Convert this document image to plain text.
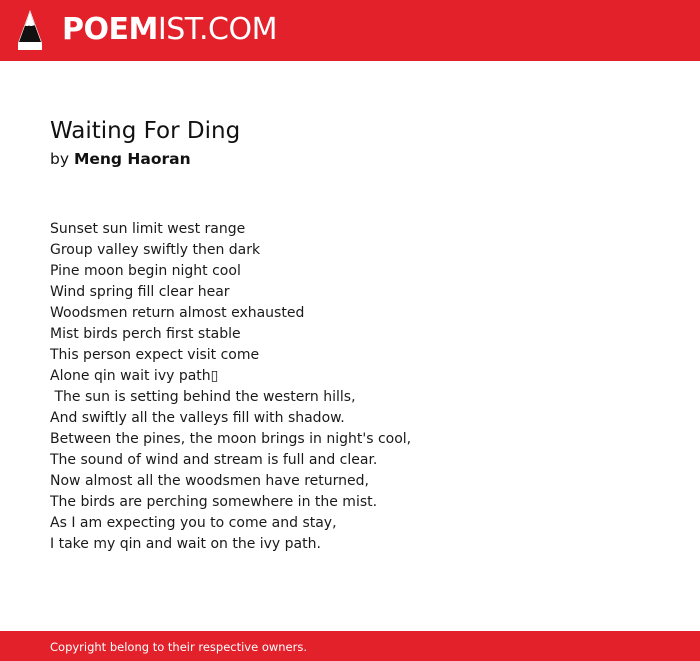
POEMIST.COM
Waiting For Ding
by Meng Haoran
Sunset sun limit west range
Group valley swiftly then dark
Pine moon begin night cool
Wind spring fill clear hear
Woodsmen return almost exhausted
Mist birds perch first stable
This person expect visit come
Alone qin wait ivy path▯
The sun is setting behind the western hills,
And swiftly all the valleys fill with shadow.
Between the pines, the moon brings in night's cool,
The sound of wind and stream is full and clear.
Now almost all the woodsmen have returned,
The birds are perching somewhere in the mist.
As I am expecting you to come and stay,
I take my qin and wait on the ivy path.
Copyright belong to their respective owners.
